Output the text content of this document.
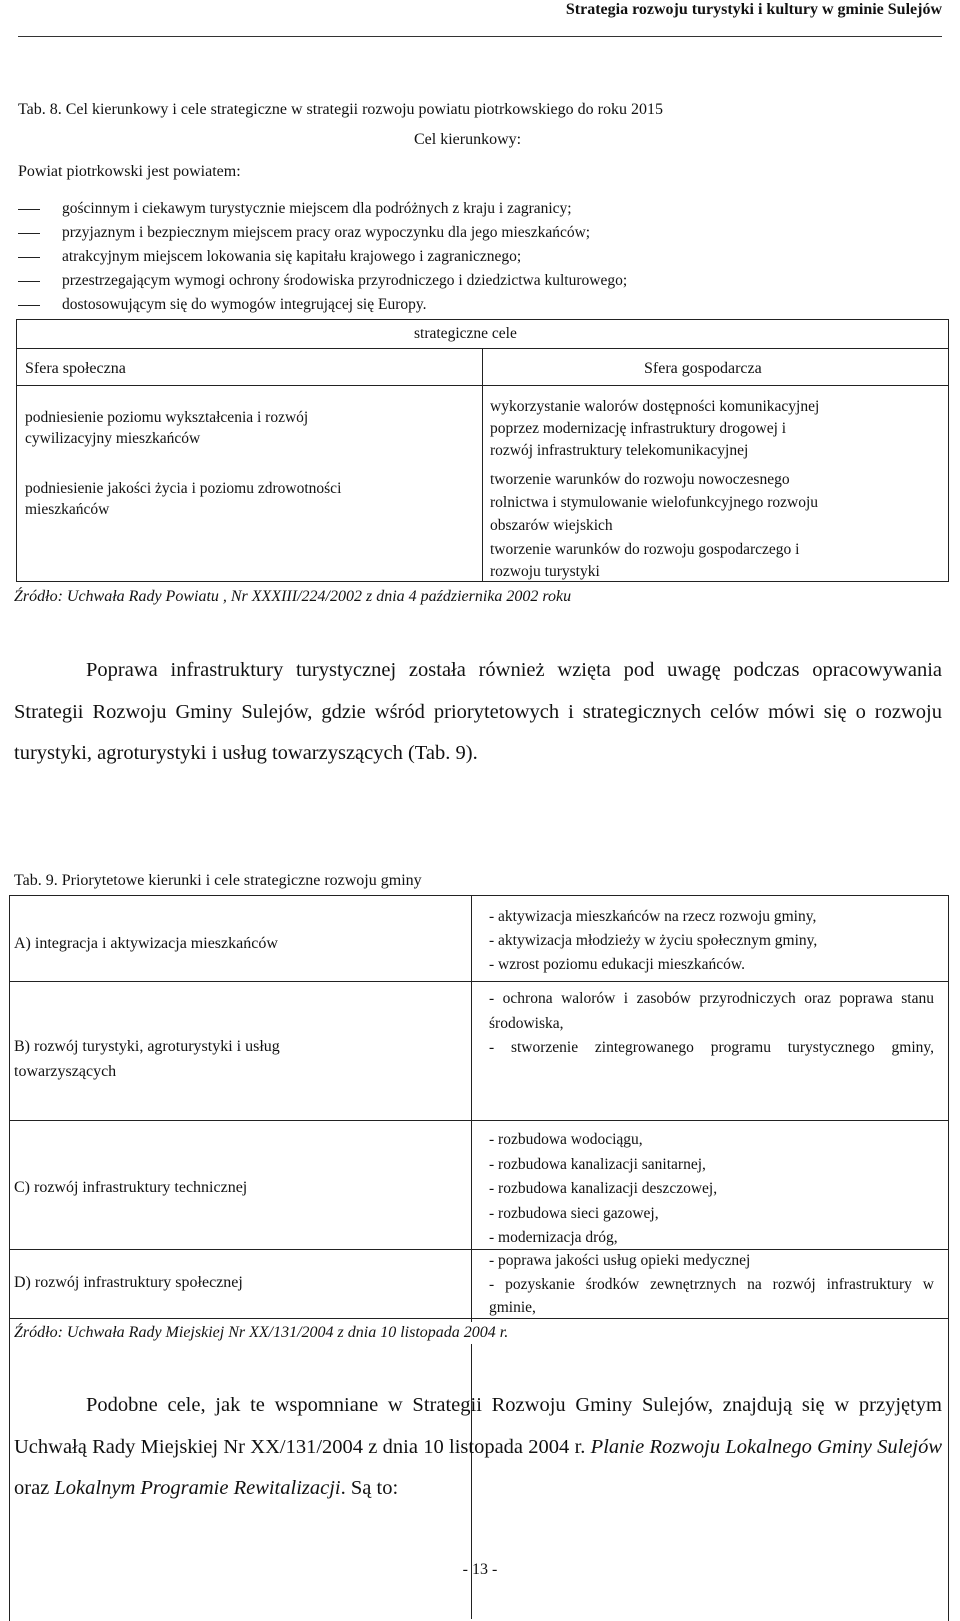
Strategia rozwoju turystyki i kultury w gminie Sulejów
Tab. 8. Cel kierunkowy i cele strategiczne w strategii rozwoju powiatu piotrkowskiego do roku 2015
Cel kierunkowy:
Powiat piotrkowski jest powiatem:
gościnnym i ciekawym turystycznie miejscem dla podróżnych z kraju i zagranicy;
przyjaznym i bezpiecznym miejscem pracy oraz wypoczynku dla jego mieszkańców;
atrakcyjnym miejscem lokowania się kapitału krajowego i zagranicznego;
przestrzegającym wymogi ochrony środowiska przyrodniczego i dziedzictwa kulturowego;
dostosowującym się do wymogów integrującej się Europy.
strategiczne cele
Sfera społeczna	Sfera gospodarcza
podniesienie poziomu wykształcenia i rozwój
cywilizacyjny mieszkańców
podniesienie jakości życia i poziomu zdrowotności
mieszkańców
wykorzystanie walorów dostępności komunikacyjnej
poprzez modernizację infrastruktury drogowej i
rozwój infrastruktury telekomunikacyjnej
tworzenie warunków do rozwoju nowoczesnego
rolnictwa i stymulowanie wielofunkcyjnego rozwoju
obszarów wiejskich
tworzenie warunków do rozwoju gospodarczego i
rozwoju turystyki
Źródło: Uchwała Rady Powiatu , Nr XXXIII/224/2002 z dnia 4 października 2002 roku
Poprawa infrastruktury turystycznej została również wzięta pod uwagę podczas opracowywania Strategii Rozwoju Gminy Sulejów, gdzie wśród priorytetowych i strategicznych celów mówi się o rozwoju turystyki, agroturystyki i usług towarzyszących (Tab. 9).
Tab. 9. Priorytetowe kierunki i cele strategiczne rozwoju gminy
A) integracja i aktywizacja mieszkańców
- aktywizacja mieszkańców na rzecz rozwoju gminy,
- aktywizacja młodzieży w życiu społecznym gminy,
- wzrost poziomu edukacji mieszkańców.
B) rozwój turystyki, agroturystyki i usług towarzyszących
- ochrona walorów i zasobów przyrodniczych oraz poprawa stanu
środowiska,
- stworzenie zintegrowanego programu turystycznego gminy,
C) rozwój infrastruktury technicznej
- rozbudowa wodociągu,
- rozbudowa kanalizacji sanitarnej,
- rozbudowa kanalizacji deszczowej,
- rozbudowa sieci gazowej,
- modernizacja dróg,
D) rozwój infrastruktury społecznej
- poprawa jakości usług opieki medycznej
- pozyskanie środków zewnętrznych na rozwój infrastruktury w gminie,
Źródło: Uchwała Rady Miejskiej Nr XX/131/2004 z dnia 10 listopada 2004 r.
Podobne cele, jak te wspomniane w Strategii Rozwoju Gminy Sulejów, znajdują się w przyjętym Uchwałą Rady Miejskiej Nr XX/131/2004 z dnia 10 listopada 2004 r. Planie Rozwoju Lokalnego Gminy Sulejów oraz Lokalnym Programie Rewitalizacji. Są to:
- 13 -
